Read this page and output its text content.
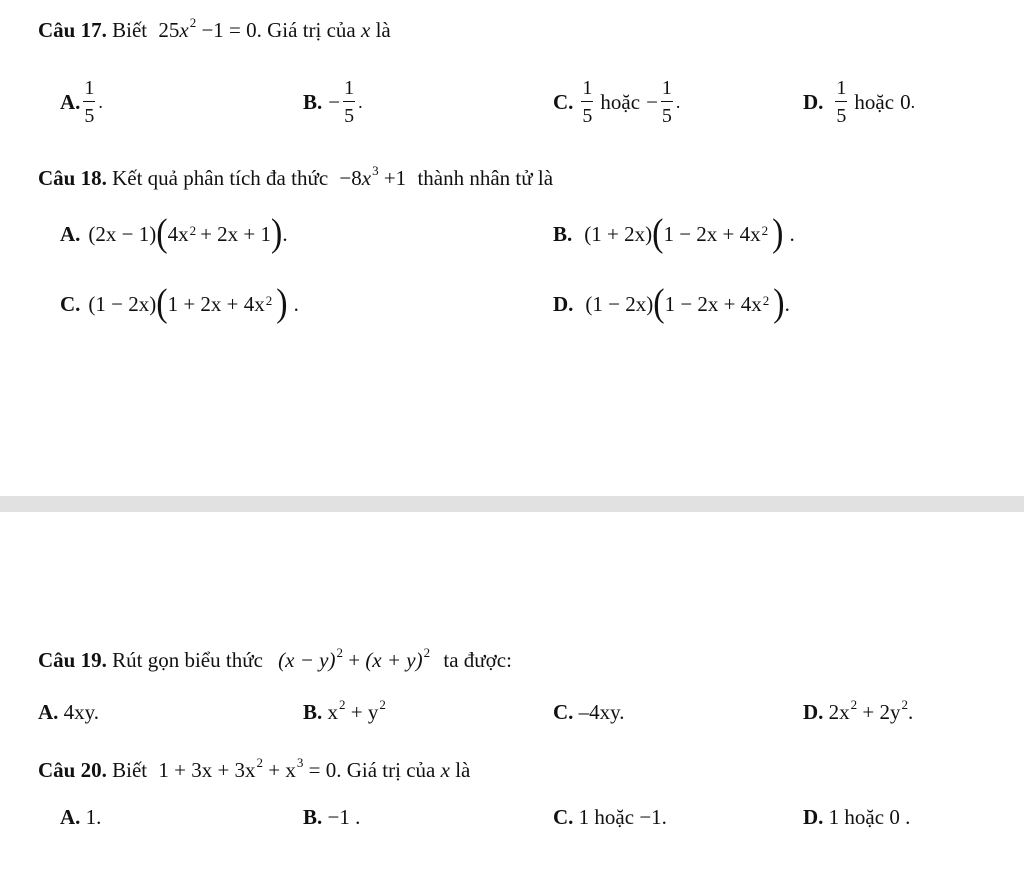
Câu 17. Biết $25x^2 -1 = 0$. Giá trị của x là
A. $\frac{1}{5}$ .	B. − $\frac{1}{5}$ .	C. $\frac{1}{5}$ hoặc − $\frac{1}{5}$ .	D. $\frac{1}{5}$ hoặc 0 .
Câu 18. Kết quả phân tích đa thức $-8x^3 +1$ thành nhân tử là
A. (2x − 1) ( $4x^2 + 2x + 1$ ) .	B. (1 + 2x) ( $1 - 2x + 4x^2$ ) .
C. (1 − 2x) ( $1 + 2x + 4x^2$ ) .	D. (1 − 2x) ( $1 - 2x + 4x^2$ ) .
Câu 19. Rút gọn biểu thức $(x - y)^2 + (x + y)^2$ ta được:
A. 4xy.	B. $x^2 + y^2$	C. –4xy.	D. $2x^2 + 2y^2$.
Câu 20. Biết $1 + 3x + 3x^2 + x^3 = 0$. Giá trị của x là
A. 1.	B. −1 .	C. 1 hoặc −1.	D. 1 hoặc 0 .
